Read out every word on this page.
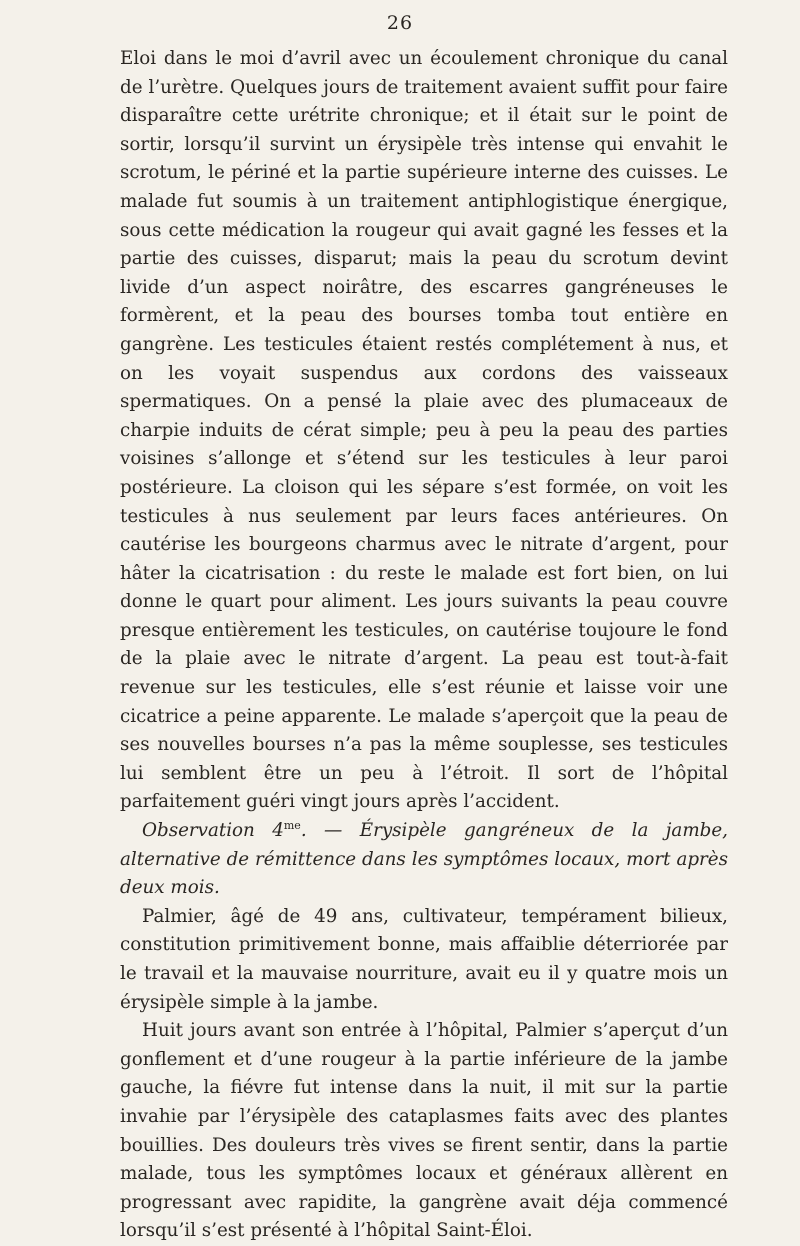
26

Eloi dans le moi d’avril avec un écoulement chronique du canal de l’urètre. Quelques jours de traitement avaient suffit pour faire disparaître cette urétrite chronique; et il était sur le point de sortir, lorsqu’il survint un érysipèle très intense qui envahit le scrotum, le périné et la partie supérieure interne des cuisses. Le malade fut soumis à un traitement antiphlogistique énergique, sous cette médication la rougeur qui avait gagné les fesses et la partie des cuisses, disparut; mais la peau du scrotum devint livide d’un aspect noirâtre, des escarres gangréneuses le formèrent, et la peau des bourses tomba tout entière en gangrène. Les testicules étaient restés complétement à nus, et on les voyait suspendus aux cordons des vaisseaux spermatiques. On a pensé la plaie avec des plumaceaux de charpie induits de cérat simple; peu à peu la peau des parties voisines s’allonge et s’étend sur les testicules à leur paroi postérieure. La cloison qui les sépare s’est formée, on voit les testicules à nus seulement par leurs faces antérieures. On cautérise les bourgeons charmus avec le nitrate d’argent, pour hâter la cicatrisation : du reste le malade est fort bien, on lui donne le quart pour aliment. Les jours suivants la peau couvre presque entièrement les testicules, on cautérise toujoure le fond de la plaie avec le nitrate d’argent. La peau est tout-à-fait revenue sur les testicules, elle s’est réunie et laisse voir une cicatrice a peine apparente. Le malade s’aperçoit que la peau de ses nouvelles bourses n’a pas la même souplesse, ses testicules lui semblent être un peu à l’étroit. Il sort de l’hôpital parfaitement guéri vingt jours après l’accident.

Observation $4^{me}$. — Érysipèle gangréneux de la jambe, alternative de rémittence dans les symptômes locaux, mort après deux mois.

Palmier, âgé de 49 ans, cultivateur, tempérament bilieux, constitution primitivement bonne, mais affaiblie déterriorée par le travail et la mauvaise nourriture, avait eu il y quatre mois un érysipèle simple à la jambe.

Huit jours avant son entrée à l’hôpital, Palmier s’aperçut d’un gonflement et d’une rougeur à la partie inférieure de la jambe gauche, la fiévre fut intense dans la nuit, il mit sur la partie invahie par l’érysipèle des cataplasmes faits avec des plantes bouillies. Des douleurs très vives se firent sentir, dans la partie malade, tous les symptômes locaux et généraux allèrent en progressant avec rapidite, la gangrène avait déja commencé lorsqu’il s’est présenté à l’hôpital Saint-Éloi.
